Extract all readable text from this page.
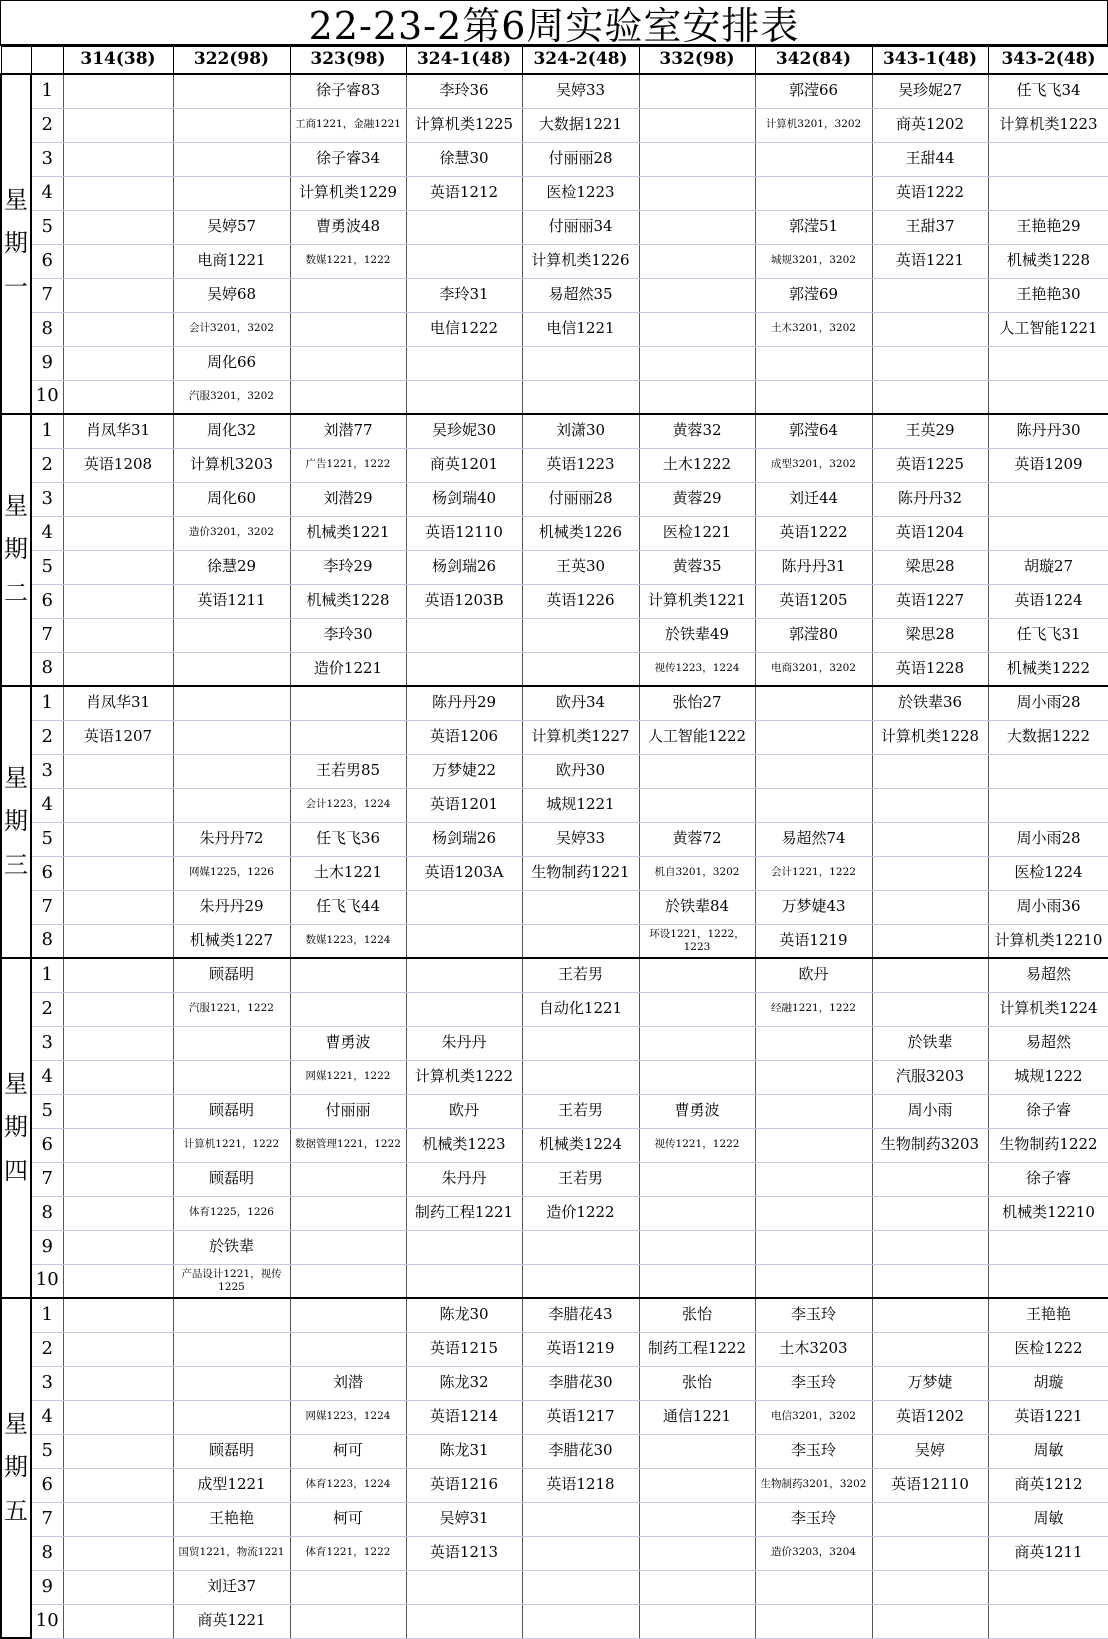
22-23-2第6周实验室安排表
		314(38)	322(98)	323(98)	324-1(48)	324-2(48)	332(98)	342(84)	343-1(48)	343-2(48)

星
期
一	1			徐子睿83	李玲36	吴婷33		郭滢66	吴珍妮27	任飞飞34
	2			工商1221，金融1221	计算机类1225	大数据1221		计算机3201，3202	商英1202	计算机类1223
	3			徐子睿34	徐慧30	付丽丽28			王甜44	
	4			计算机类1229	英语1212	医检1223			英语1222	
	5		吴婷57	曹勇波48		付丽丽34		郭滢51	王甜37	王艳艳29
	6		电商1221	数媒1221，1222		计算机类1226		城规3201，3202	英语1221	机械类1228
	7		吴婷68		李玲31	易超然35		郭滢69		王艳艳30
	8		会计3201，3202		电信1222	电信1221		土木3201，3202		人工智能1221
	9		周化66							
	10		汽服3201，3202							

星
期
二	1	肖凤华31	周化32	刘潜77	吴珍妮30	刘潇30	黄蓉32	郭滢64	王英29	陈丹丹30
	2	英语1208	计算机3203	广告1221，1222	商英1201	英语1223	土木1222	成型3201，3202	英语1225	英语1209
	3		周化60	刘潜29	杨剑瑞40	付丽丽28	黄蓉29	刘迁44	陈丹丹32	
	4		造价3201，3202	机械类1221	英语12110	机械类1226	医检1221	英语1222	英语1204	
	5		徐慧29	李玲29	杨剑瑞26	王英30	黄蓉35	陈丹丹31	梁思28	胡璇27
	6		英语1211	机械类1228	英语1203B	英语1226	计算机类1221	英语1205	英语1227	英语1224
	7			李玲30			於铁辈49	郭滢80	梁思28	任飞飞31
	8			造价1221			视传1223，1224	电商3201，3202	英语1228	机械类1222

星
期
三	1	肖凤华31			陈丹丹29	欧丹34	张怡27		於铁辈36	周小雨28
	2	英语1207			英语1206	计算机类1227	人工智能1222		计算机类1228	大数据1222
	3			王若男85	万梦婕22	欧丹30				
	4			会计1223，1224	英语1201	城规1221				
	5		朱丹丹72	任飞飞36	杨剑瑞26	吴婷33	黄蓉72	易超然74		周小雨28
	6		网媒1225，1226	土木1221	英语1203A	生物制药1221	机自3201，3202	会计1221，1222		医检1224
	7		朱丹丹29	任飞飞44			於铁辈84	万梦婕43		周小雨36
	8		机械类1227	数媒1223，1224			环设1221，1222，1223	英语1219		计算机类12210

星
期
四	1		顾磊明			王若男		欧丹		易超然
	2		汽服1221，1222			自动化1221		经融1221，1222		计算机类1224
	3			曹勇波	朱丹丹				於铁辈	易超然
	4			网媒1221，1222	计算机类1222				汽服3203	城规1222
	5		顾磊明	付丽丽	欧丹	王若男	曹勇波		周小雨	徐子睿
	6		计算机1221，1222	数据管理1221，1222	机械类1223	机械类1224	视传1221，1222		生物制药3203	生物制药1222
	7		顾磊明		朱丹丹	王若男				徐子睿
	8		体育1225，1226		制药工程1221	造价1222				机械类12210
	9		於铁辈							
	10		产品设计1221，视传1225							

星
期
五	1				陈龙30	李腊花43	张怡	李玉玲		王艳艳
	2				英语1215	英语1219	制药工程1222	土木3203		医检1222
	3			刘潜	陈龙32	李腊花30	张怡	李玉玲	万梦婕	胡璇
	4			网媒1223，1224	英语1214	英语1217	通信1221	电信3201，3202	英语1202	英语1221
	5		顾磊明	柯可	陈龙31	李腊花30		李玉玲	吴婷	周敏
	6		成型1221	体育1223，1224	英语1216	英语1218		生物制药3201，3202	英语12110	商英1212
	7		王艳艳	柯可	吴婷31			李玉玲		周敏
	8		国贸1221，物流1221	体育1221，1222	英语1213			造价3203，3204		商英1211
	9		刘迁37							
	10		商英1221							
